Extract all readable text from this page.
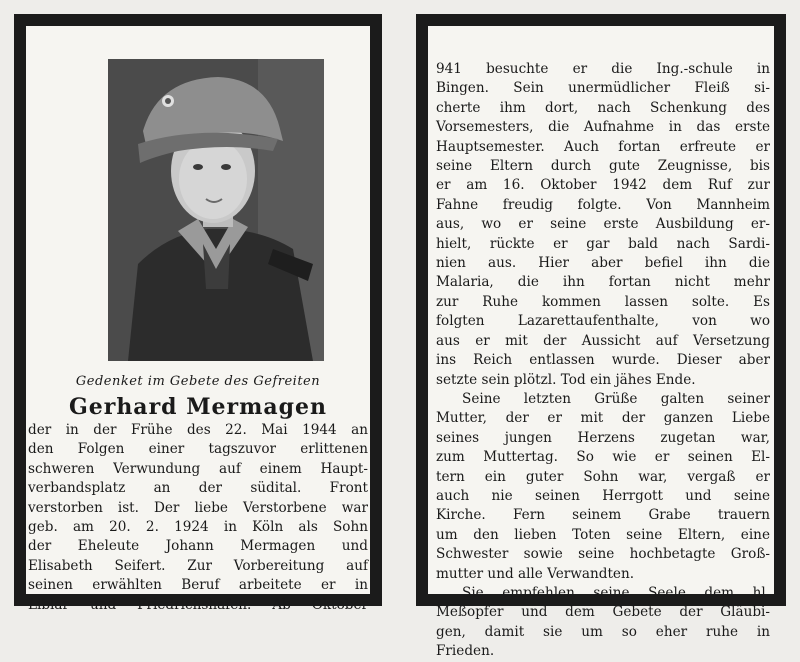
Gedenket im Gebete des Gefreiten
Gerhard Mermagen
der in der Frühe des 22. Mai 1944 an
den Folgen einer tagszuvor erlittenen
schweren Verwundung auf einem Haupt-
verbandsplatz an der südital. Front
verstorben ist. Der liebe Verstorbene war
geb. am 20. 2. 1924 in Köln als Sohn
der Eheleute Johann Mermagen und
Elisabeth Seifert. Zur Vorbereitung auf
seinen erwählten Beruf arbeitete er in
Liblar und Friedrichshafen. Ab Oktober
941 besuchte er die Ing.-schule in
Bingen. Sein unermüdlicher Fleiß si-
cherte ihm dort, nach Schenkung des
Vorsemesters, die Aufnahme in das erste
Hauptsemester. Auch fortan erfreute er
seine Eltern durch gute Zeugnisse, bis
er am 16. Oktober 1942 dem Ruf zur
Fahne freudig folgte. Von Mannheim
aus, wo er seine erste Ausbildung er-
hielt, rückte er gar bald nach Sardi-
nien aus. Hier aber befiel ihn die
Malaria, die ihn fortan nicht mehr
zur Ruhe kommen lassen solte. Es
folgten Lazarettaufenthalte, von wo
aus er mit der Aussicht auf Versetzung
ins Reich entlassen wurde. Dieser aber
setzte sein plötzl. Tod ein jähes Ende.
Seine letzten Grüße galten seiner
Mutter, der er mit der ganzen Liebe
seines jungen Herzens zugetan war,
zum Muttertag. So wie er seinen El-
tern ein guter Sohn war, vergaß er
auch nie seinen Herrgott und seine
Kirche. Fern seinem Grabe trauern
um den lieben Toten seine Eltern, eine
Schwester sowie seine hochbetagte Groß-
mutter und alle Verwandten.
Sie empfehlen seine Seele dem hl.
Meßopfer und dem Gebete der Gläubi-
gen, damit sie um so eher ruhe in
Frieden.
